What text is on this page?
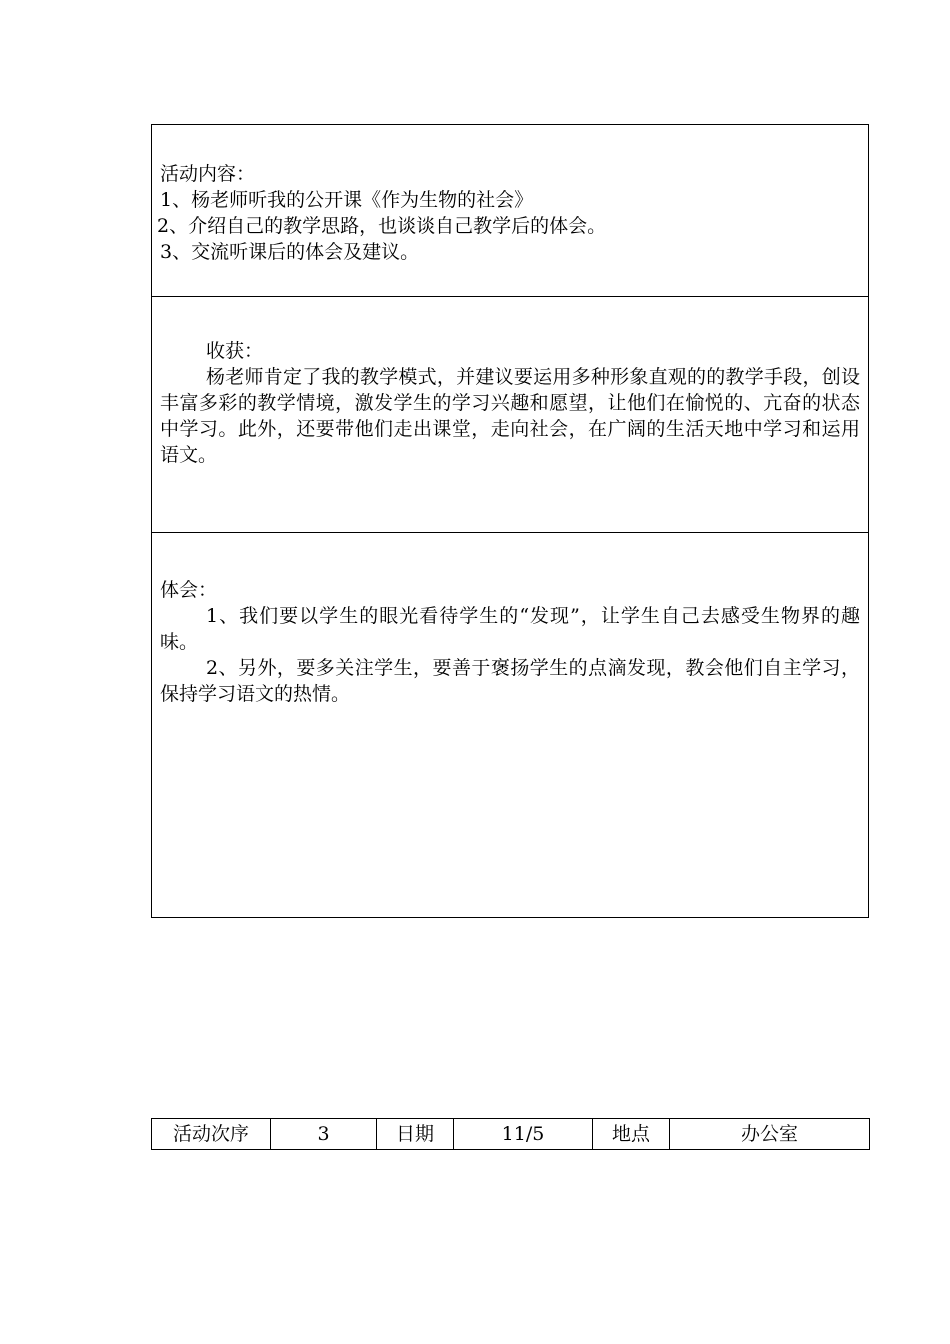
活动内容：
1、杨老师听我的公开课《作为生物的社会》
2、介绍自己的教学思路，也谈谈自己教学后的体会。
3、交流听课后的体会及建议。
收获：
杨老师肯定了我的教学模式，并建议要运用多种形象直观的的教学手段，创设丰富多彩的教学情境，激发学生的学习兴趣和愿望，让他们在愉悦的、亢奋的状态中学习。此外，还要带他们走出课堂，走向社会，在广阔的生活天地中学习和运用语文。
体会：
1、我们要以学生的眼光看待学生的“发现”，让学生自己去感受生物界的趣味。
2、另外，要多关注学生，要善于褒扬学生的点滴发现，教会他们自主学习，保持学习语文的热情。
活动次序	3	日期	11/5	地点	办公室
